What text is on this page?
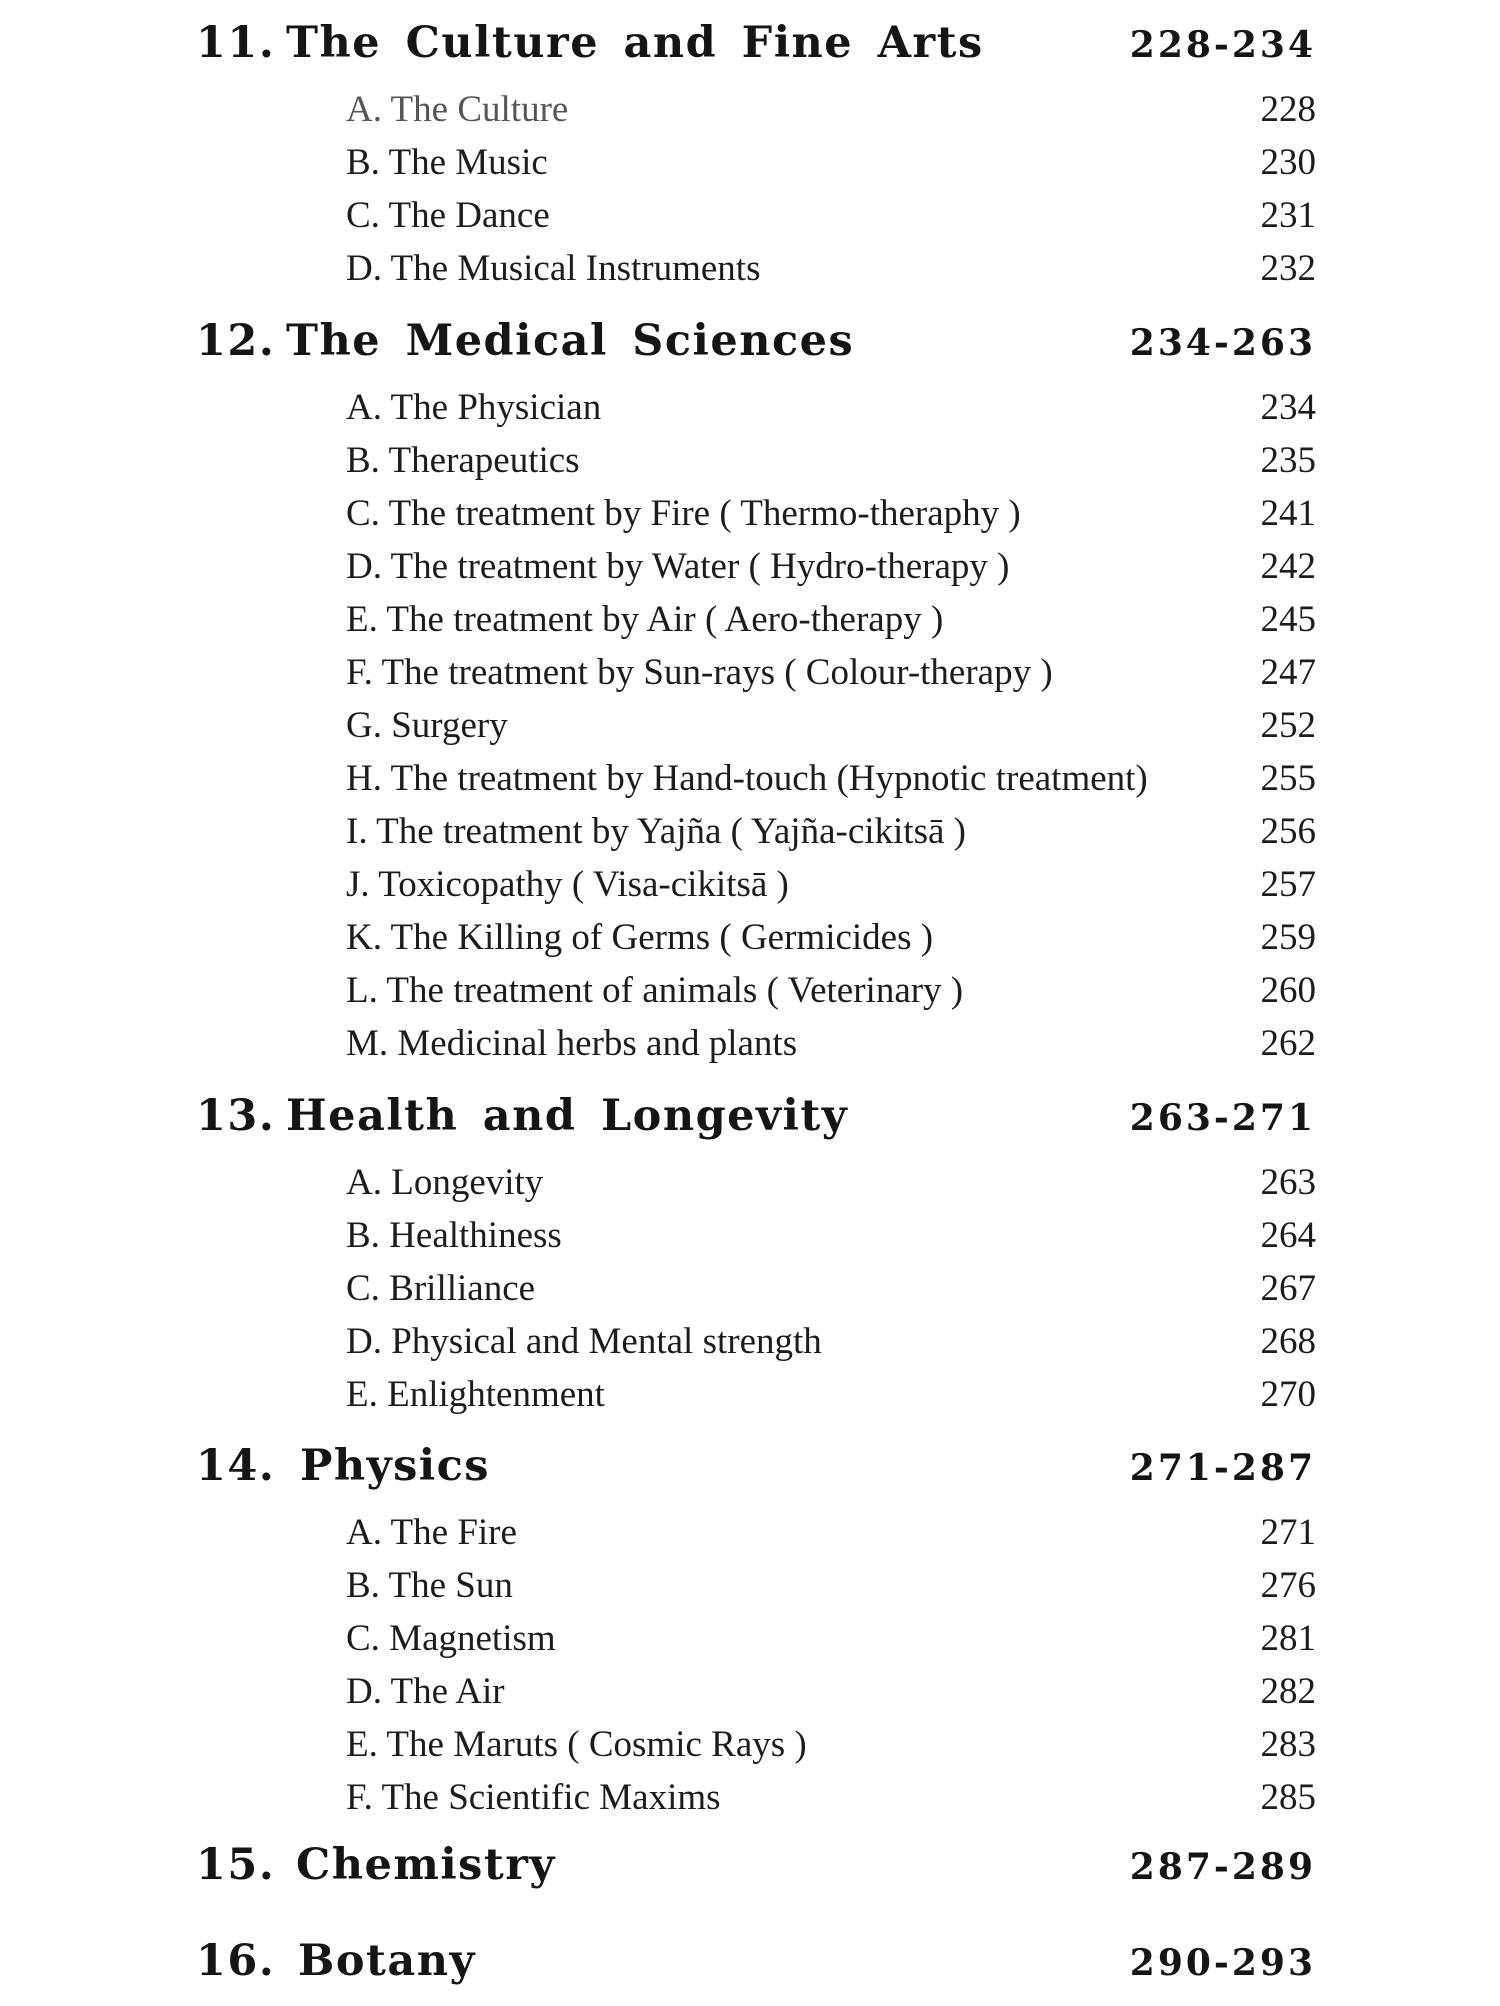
11. The Culture and Fine Arts	228-234
A. The Culture	228
B. The Music	230
C. The Dance	231
D. The Musical Instruments	232
12. The Medical Sciences	234-263
A. The Physician	234
B. Therapeutics	235
C. The treatment by Fire ( Thermo-theraphy )	241
D. The treatment by Water ( Hydro-therapy )	242
E. The treatment by Air ( Aero-therapy )	245
F. The treatment by Sun-rays ( Colour-therapy )	247
G. Surgery	252
H. The treatment by Hand-touch (Hypnotic treatment)	255
I. The treatment by Yajña ( Yajña-cikitsā )	256
J. Toxicopathy ( Visa-cikitsā )	257
K. The Killing of Germs ( Germicides )	259
L. The treatment of animals ( Veterinary )	260
M. Medicinal herbs and plants	262
13. Health and Longevity	263-271
A. Longevity	263
B. Healthiness	264
C. Brilliance	267
D. Physical and Mental strength	268
E. Enlightenment	270
14. Physics	271-287
A. The Fire	271
B. The Sun	276
C. Magnetism	281
D. The Air	282
E. The Maruts ( Cosmic Rays )	283
F. The Scientific Maxims	285
15. Chemistry	287-289
16. Botany	290-293
